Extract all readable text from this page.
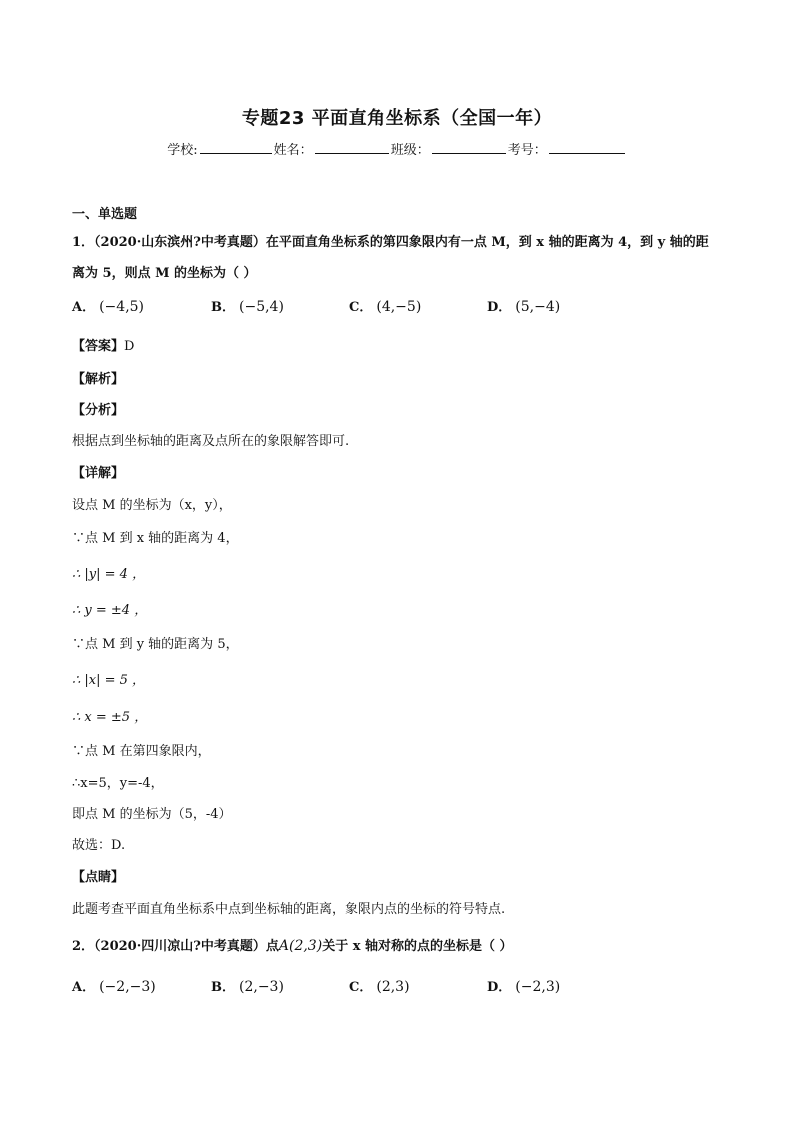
专题23 平面直角坐标系（全国一年）
学校:	姓名：	班级：	考号：
一、单选题
1．（2020·山东滨州?中考真题）在平面直角坐标系的第四象限内有一点 M，到 x 轴的距离为 4，到 y 轴的距
离为 5，则点 M 的坐标为（ ）
A． (−4,5)	B． (−5,4)	C． (4,−5)	D． (5,−4)
【答案】D
【解析】
【分析】
根据点到坐标轴的距离及点所在的象限解答即可.
【详解】
设点 M 的坐标为（x，y），
∵点 M 到 x 轴的距离为 4，
∴ |y| = 4 ，
∴ y = ±4 ，
∵点 M 到 y 轴的距离为 5，
∴ |x| = 5 ，
∴ x = ±5 ，
∵点 M 在第四象限内，
∴x=5，y=-4，
即点 M 的坐标为（5，-4）
故选：D.
【点睛】
此题考查平面直角坐标系中点到坐标轴的距离，象限内点的坐标的符号特点.
2．（2020·四川凉山?中考真题）点A(2,3)关于 x 轴对称的点的坐标是（ ）
A． (−2,−3)	B． (2,−3)	C． (2,3)	D． (−2,3)
